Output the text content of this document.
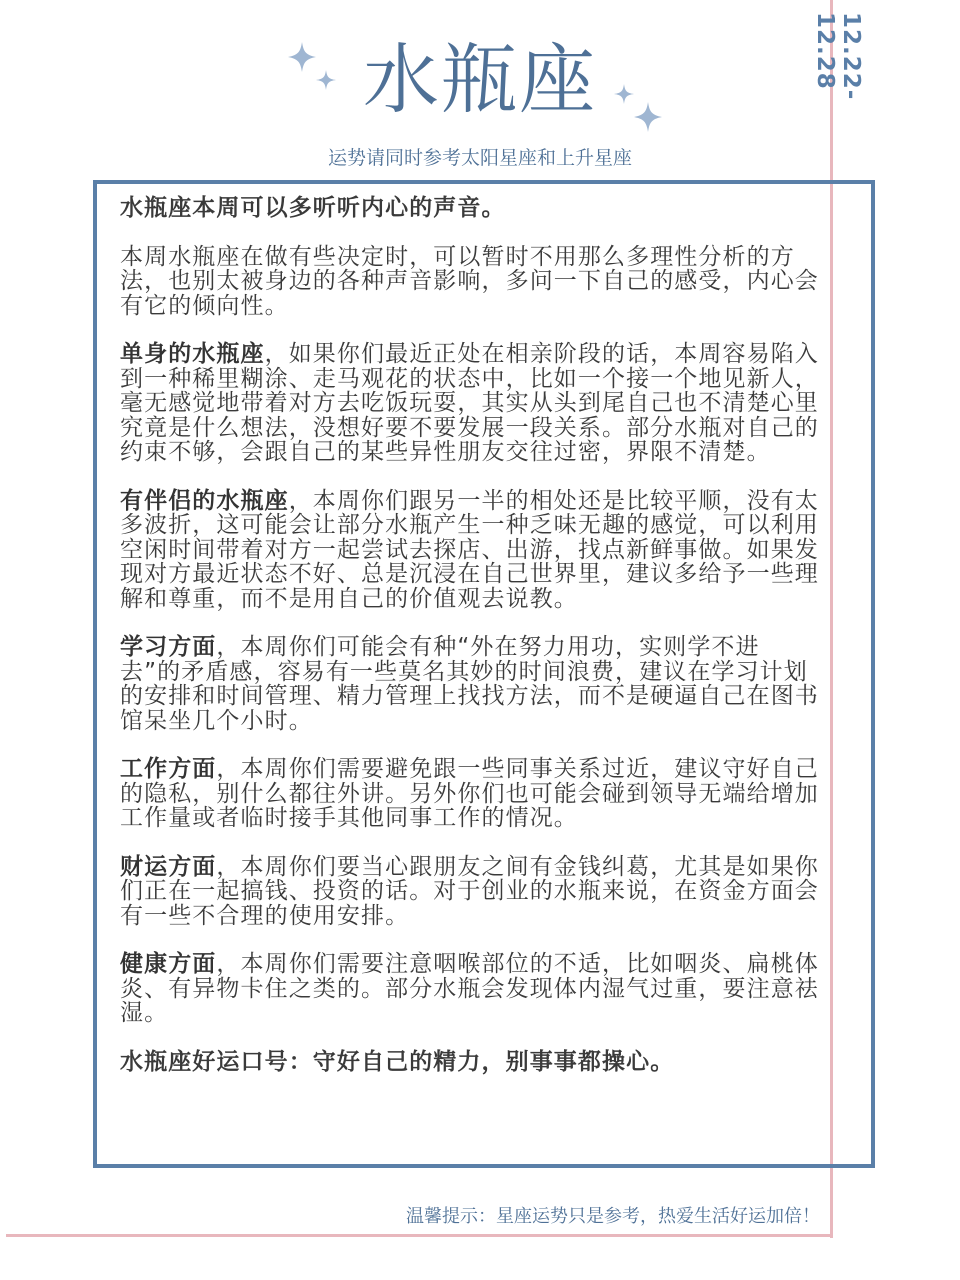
12.22-12.28
水瓶座
运势请同时参考太阳星座和上升星座

水瓶座本周可以多听听内心的声音。

本周水瓶座在做有些决定时，可以暂时不用那么多理性分析的方法，也别太被身边的各种声音影响，多问一下自己的感受，内心会有它的倾向性。

单身的水瓶座，如果你们最近正处在相亲阶段的话，本周容易陷入到一种稀里糊涂、走马观花的状态中，比如一个接一个地见新人，毫无感觉地带着对方去吃饭玩耍，其实从头到尾自己也不清楚心里究竟是什么想法，没想好要不要发展一段关系。部分水瓶对自己的约束不够，会跟自己的某些异性朋友交往过密，界限不清楚。

有伴侣的水瓶座，本周你们跟另一半的相处还是比较平顺，没有太多波折，这可能会让部分水瓶产生一种乏味无趣的感觉，可以利用空闲时间带着对方一起尝试去探店、出游，找点新鲜事做。如果发现对方最近状态不好、总是沉浸在自己世界里，建议多给予一些理解和尊重，而不是用自己的价值观去说教。

学习方面，本周你们可能会有种“外在努力用功，实则学不进去”的矛盾感，容易有一些莫名其妙的时间浪费，建议在学习计划的安排和时间管理、精力管理上找找方法，而不是硬逼自己在图书馆呆坐几个小时。

工作方面，本周你们需要避免跟一些同事关系过近，建议守好自己的隐私，别什么都往外讲。另外你们也可能会碰到领导无端给增加工作量或者临时接手其他同事工作的情况。

财运方面，本周你们要当心跟朋友之间有金钱纠葛，尤其是如果你们正在一起搞钱、投资的话。对于创业的水瓶来说，在资金方面会有一些不合理的使用安排。

健康方面，本周你们需要注意咽喉部位的不适，比如咽炎、扁桃体炎、有异物卡住之类的。部分水瓶会发现体内湿气过重，要注意祛湿。

水瓶座好运口号：守好自己的精力，别事事都操心。

温馨提示：星座运势只是参考，热爱生活好运加倍！
